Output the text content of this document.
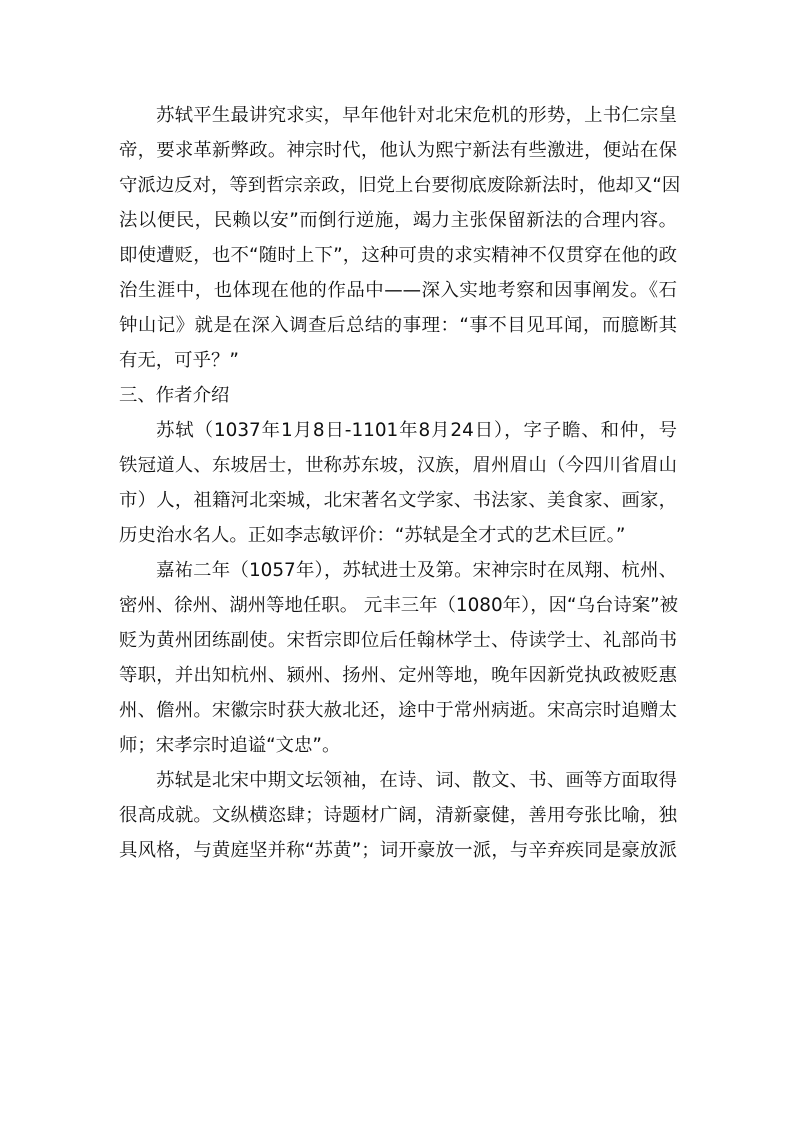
苏轼平生最讲究求实，早年他针对北宋危机的形势，上书仁宗皇
帝，要求革新弊政。神宗时代，他认为熙宁新法有些激进，便站在保
守派边反对，等到哲宗亲政，旧党上台要彻底废除新法时，他却又“因
法以便民，民赖以安”而倒行逆施，竭力主张保留新法的合理内容。
即使遭贬，也不“随时上下”，这种可贵的求实精神不仅贯穿在他的政
治生涯中，也体现在他的作品中——深入实地考察和因事阐发。《石
钟山记》就是在深入调查后总结的事理：“事不目见耳闻，而臆断其
有无，可乎？”
三、作者介绍
苏轼（1037年1月8日-1101年8月24日），字子瞻、和仲，号
铁冠道人、东坡居士，世称苏东坡，汉族，眉州眉山（今四川省眉山
市）人，祖籍河北栾城，北宋著名文学家、书法家、美食家、画家，
历史治水名人。正如李志敏评价：“苏轼是全才式的艺术巨匠。”
嘉祐二年（1057年），苏轼进士及第。宋神宗时在凤翔、杭州、
密州、徐州、湖州等地任职。 元丰三年（1080年），因“乌台诗案”被
贬为黄州团练副使。宋哲宗即位后任翰林学士、侍读学士、礼部尚书
等职，并出知杭州、颍州、扬州、定州等地，晚年因新党执政被贬惠
州、儋州。宋徽宗时获大赦北还，途中于常州病逝。宋高宗时追赠太
师；宋孝宗时追谥“文忠”。
苏轼是北宋中期文坛领袖，在诗、词、散文、书、画等方面取得
很高成就。文纵横恣肆；诗题材广阔，清新豪健，善用夸张比喻，独
具风格，与黄庭坚并称“苏黄”；词开豪放一派，与辛弃疾同是豪放派
